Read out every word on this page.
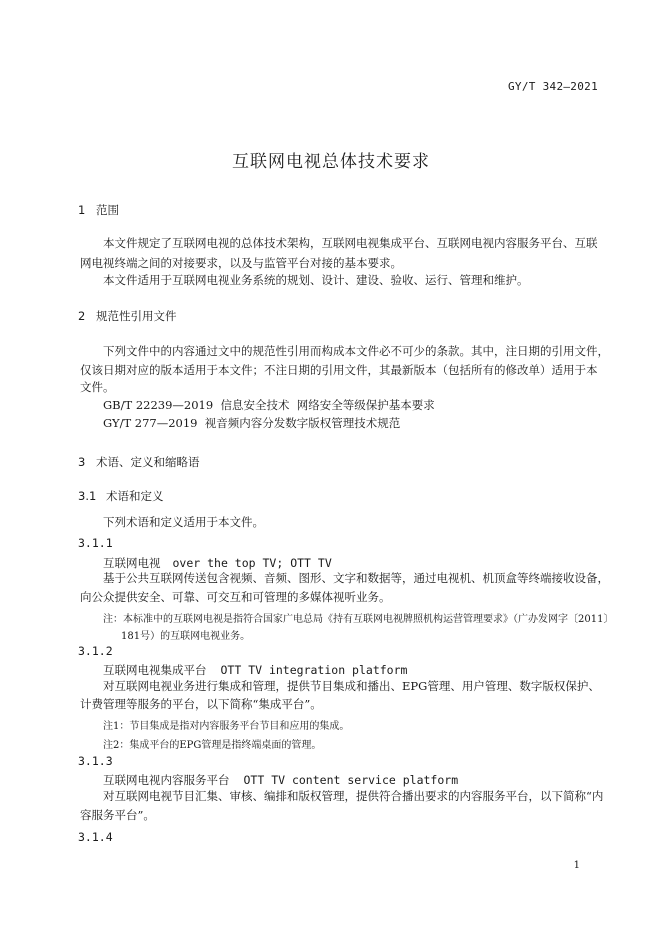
GY/T 342—2021
互联网电视总体技术要求
1 范围
本文件规定了互联网电视的总体技术架构，互联网电视集成平台、互联网电视内容服务平台、互联
网电视终端之间的对接要求，以及与监管平台对接的基本要求。
本文件适用于互联网电视业务系统的规划、设计、建设、验收、运行、管理和维护。
2 规范性引用文件
下列文件中的内容通过文中的规范性引用而构成本文件必不可少的条款。其中，注日期的引用文件，
仅该日期对应的版本适用于本文件；不注日期的引用文件，其最新版本（包括所有的修改单）适用于本
文件。
GB/T 22239—2019  信息安全技术  网络安全等级保护基本要求
GY/T 277—2019  视音频内容分发数字版权管理技术规范
3 术语、定义和缩略语
3.1 术语和定义
下列术语和定义适用于本文件。
3.1.1
互联网电视 over the top TV; OTT TV
基于公共互联网传送包含视频、音频、图形、文字和数据等，通过电视机、机顶盒等终端接收设备，
向公众提供安全、可靠、可交互和可管理的多媒体视听业务。
注：本标准中的互联网电视是指符合国家广电总局《持有互联网电视牌照机构运营管理要求》（广办发网字〔2011〕
181号）的互联网电视业务。
3.1.2
互联网电视集成平台 OTT TV integration platform
对互联网电视业务进行集成和管理，提供节目集成和播出、EPG管理、用户管理、数字版权保护、
计费管理等服务的平台，以下简称“集成平台”。
注1：节目集成是指对内容服务平台节目和应用的集成。
注2：集成平台的EPG管理是指终端桌面的管理。
3.1.3
互联网电视内容服务平台 OTT TV content service platform
对互联网电视节目汇集、审核、编排和版权管理，提供符合播出要求的内容服务平台，以下简称“内
容服务平台”。
3.1.4
1
